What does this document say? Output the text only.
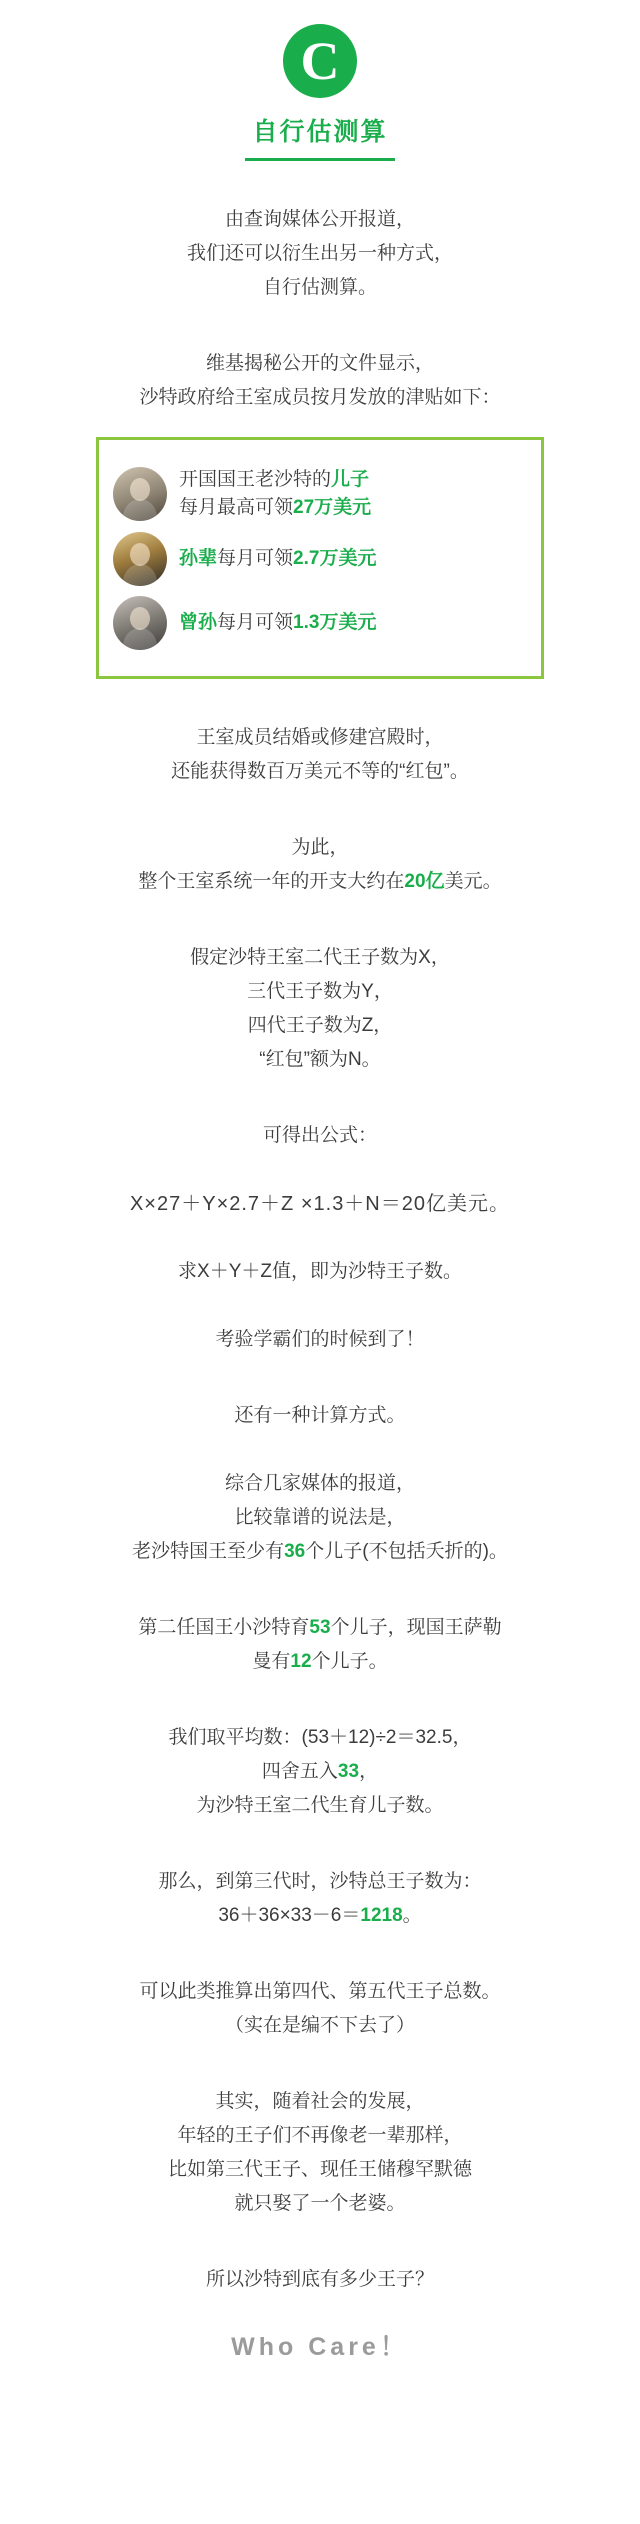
C
自行估测算
由查询媒体公开报道，
我们还可以衍生出另一种方式，
自行估测算。
维基揭秘公开的文件显示，
沙特政府给王室成员按月发放的津贴如下：
开国国王老沙特的儿子
每月最高可领27万美元
孙辈每月可领2.7万美元
曾孙每月可领1.3万美元
王室成员结婚或修建宫殿时，
还能获得数百万美元不等的“红包”。
为此，
整个王室系统一年的开支大约在20亿美元。
假定沙特王室二代王子数为X，
三代王子数为Y，
四代王子数为Z，
“红包”额为N。
可得出公式：
X×27＋Y×2.7＋Z ×1.3＋N＝20亿美元。
求X＋Y＋Z值，即为沙特王子数。
考验学霸们的时候到了！
还有一种计算方式。
综合几家媒体的报道，
比较靠谱的说法是，
老沙特国王至少有36个儿子(不包括夭折的)。
第二任国王小沙特育53个儿子，现国王萨勒
曼有12个儿子。
我们取平均数：(53＋12)÷2＝32.5，
四舍五入33，
为沙特王室二代生育儿子数。
那么，到第三代时，沙特总王子数为：
36＋36×33－6＝1218。
可以此类推算出第四代、第五代王子总数。
（实在是编不下去了）
其实，随着社会的发展，
年轻的王子们不再像老一辈那样，
比如第三代王子、现任王储穆罕默德
就只娶了一个老婆。
所以沙特到底有多少王子？
Who Care！
